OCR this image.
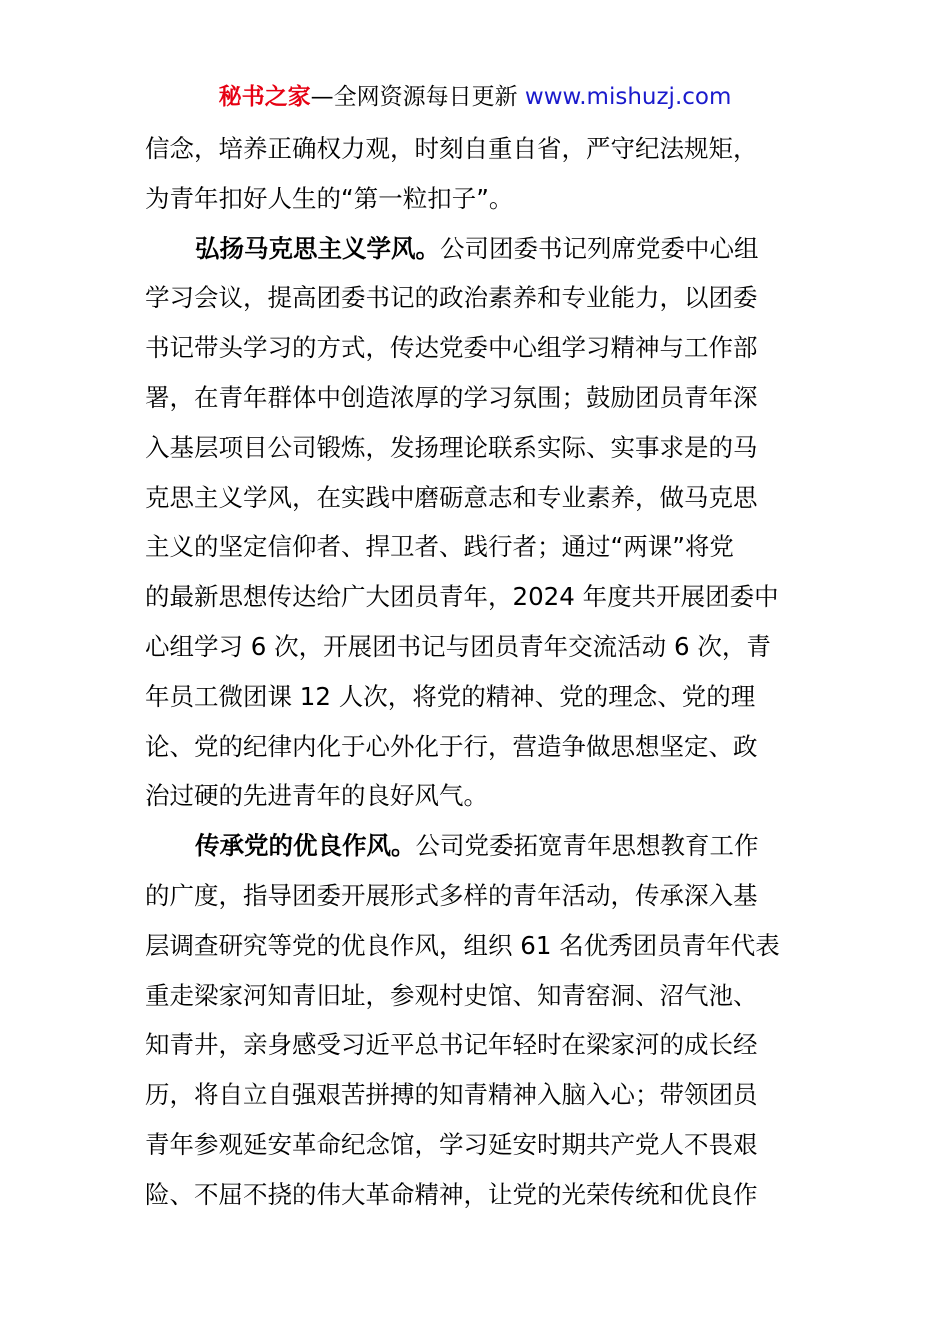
秘书之家—全网资源每日更新 www.mishuzj.com
信念，培养正确权力观，时刻自重自省，严守纪法规矩，
为青年扣好人生的“第一粒扣子”。
弘扬马克思主义学风。公司团委书记列席党委中心组
学习会议，提高团委书记的政治素养和专业能力，以团委
书记带头学习的方式，传达党委中心组学习精神与工作部
署，在青年群体中创造浓厚的学习氛围；鼓励团员青年深
入基层项目公司锻炼，发扬理论联系实际、实事求是的马
克思主义学风，在实践中磨砺意志和专业素养，做马克思
主义的坚定信仰者、捍卫者、践行者；通过“两课”将党
的最新思想传达给广大团员青年，2024 年度共开展团委中
心组学习 6 次，开展团书记与团员青年交流活动 6 次，青
年员工微团课 12 人次，将党的精神、党的理念、党的理
论、党的纪律内化于心外化于行，营造争做思想坚定、政
治过硬的先进青年的良好风气。
传承党的优良作风。公司党委拓宽青年思想教育工作
的广度，指导团委开展形式多样的青年活动，传承深入基
层调查研究等党的优良作风，组织 61 名优秀团员青年代表
重走梁家河知青旧址，参观村史馆、知青窑洞、沼气池、
知青井，亲身感受习近平总书记年轻时在梁家河的成长经
历，将自立自强艰苦拼搏的知青精神入脑入心；带领团员
青年参观延安革命纪念馆，学习延安时期共产党人不畏艰
险、不屈不挠的伟大革命精神，让党的光荣传统和优良作
